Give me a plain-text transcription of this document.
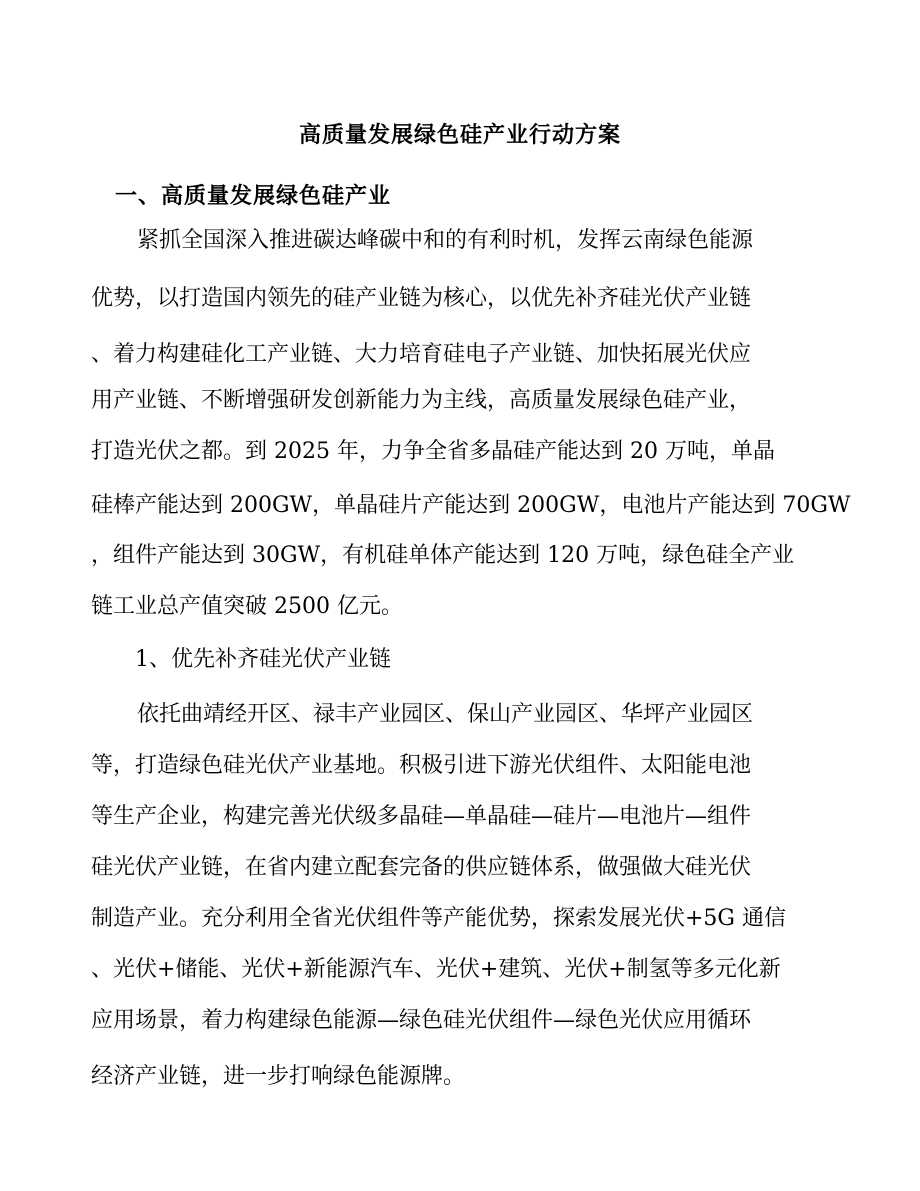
高质量发展绿色硅产业行动方案
一、高质量发展绿色硅产业

紧抓全国深入推进碳达峰碳中和的有利时机，发挥云南绿色能源

优势，以打造国内领先的硅产业链为核心，以优先补齐硅光伏产业链

、着力构建硅化工产业链、大力培育硅电子产业链、加快拓展光伏应

用产业链、不断增强研发创新能力为主线，高质量发展绿色硅产业，

打造光伏之都。到 2025 年，力争全省多晶硅产能达到 20 万吨，单晶

硅棒产能达到 200GW，单晶硅片产能达到 200GW，电池片产能达到 70GW

，组件产能达到 30GW，有机硅单体产能达到 120 万吨，绿色硅全产业

链工业总产值突破 2500 亿元。

1、优先补齐硅光伏产业链

依托曲靖经开区、禄丰产业园区、保山产业园区、华坪产业园区

等，打造绿色硅光伏产业基地。积极引进下游光伏组件、太阳能电池

等生产企业，构建完善光伏级多晶硅—单晶硅—硅片—电池片—组件

硅光伏产业链，在省内建立配套完备的供应链体系，做强做大硅光伏

制造产业。充分利用全省光伏组件等产能优势，探索发展光伏+5G 通信

、光伏+储能、光伏+新能源汽车、光伏+建筑、光伏+制氢等多元化新

应用场景，着力构建绿色能源—绿色硅光伏组件—绿色光伏应用循环

经济产业链，进一步打响绿色能源牌。
